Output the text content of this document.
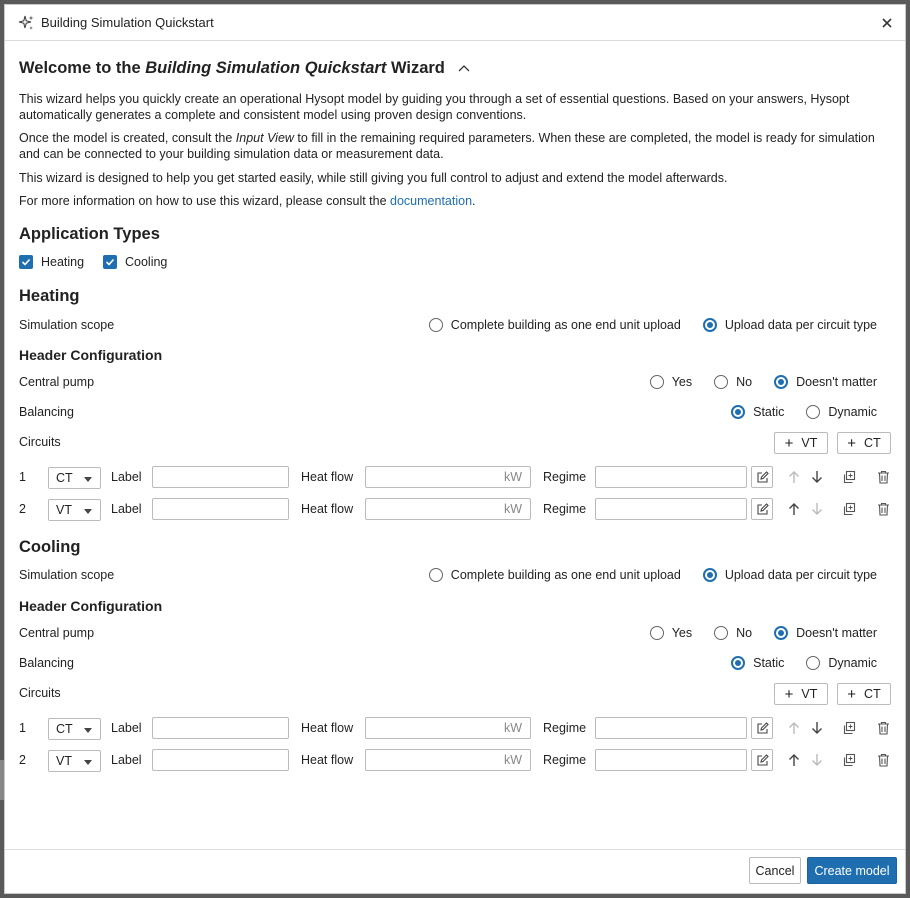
Building Simulation Quickstart
Welcome to the
Building Simulation Quickstart
Wizard
This wizard helps you quickly create an operational Hysopt model by guiding you through a set of essential questions. Based on your answers, Hysopt automatically generates a complete and consistent model using proven design conventions.
Once the model is created, consult the Input View to fill in the remaining required parameters. When these are completed, the model is ready for simulation and can be connected to your building simulation data or measurement data.
This wizard is designed to help you get started easily, while still giving you full control to adjust and extend the model afterwards.
For more information on how to use this wizard, please consult the documentation.
Application Types
Heating	Cooling
Heating
Simulation scope	Complete building as one end unit upload	Upload data per circuit type
Header Configuration
Central pump	Yes	No	Doesn't matter
Balancing	Static	Dynamic
Circuits	+ VT + CT
1 CT	Label	Heat flow	kW Regime
2 VT	Label	Heat flow	kW Regime
Cooling
Simulation scope	Complete building as one end unit upload	Upload data per circuit type
Header Configuration
Central pump	Yes	No	Doesn't matter
Balancing	Static	Dynamic
Circuits	+ VT + CT
1 CT	Label	Heat flow	kW Regime
2 VT	Label	Heat flow	kW Regime
Cancel	Create model
